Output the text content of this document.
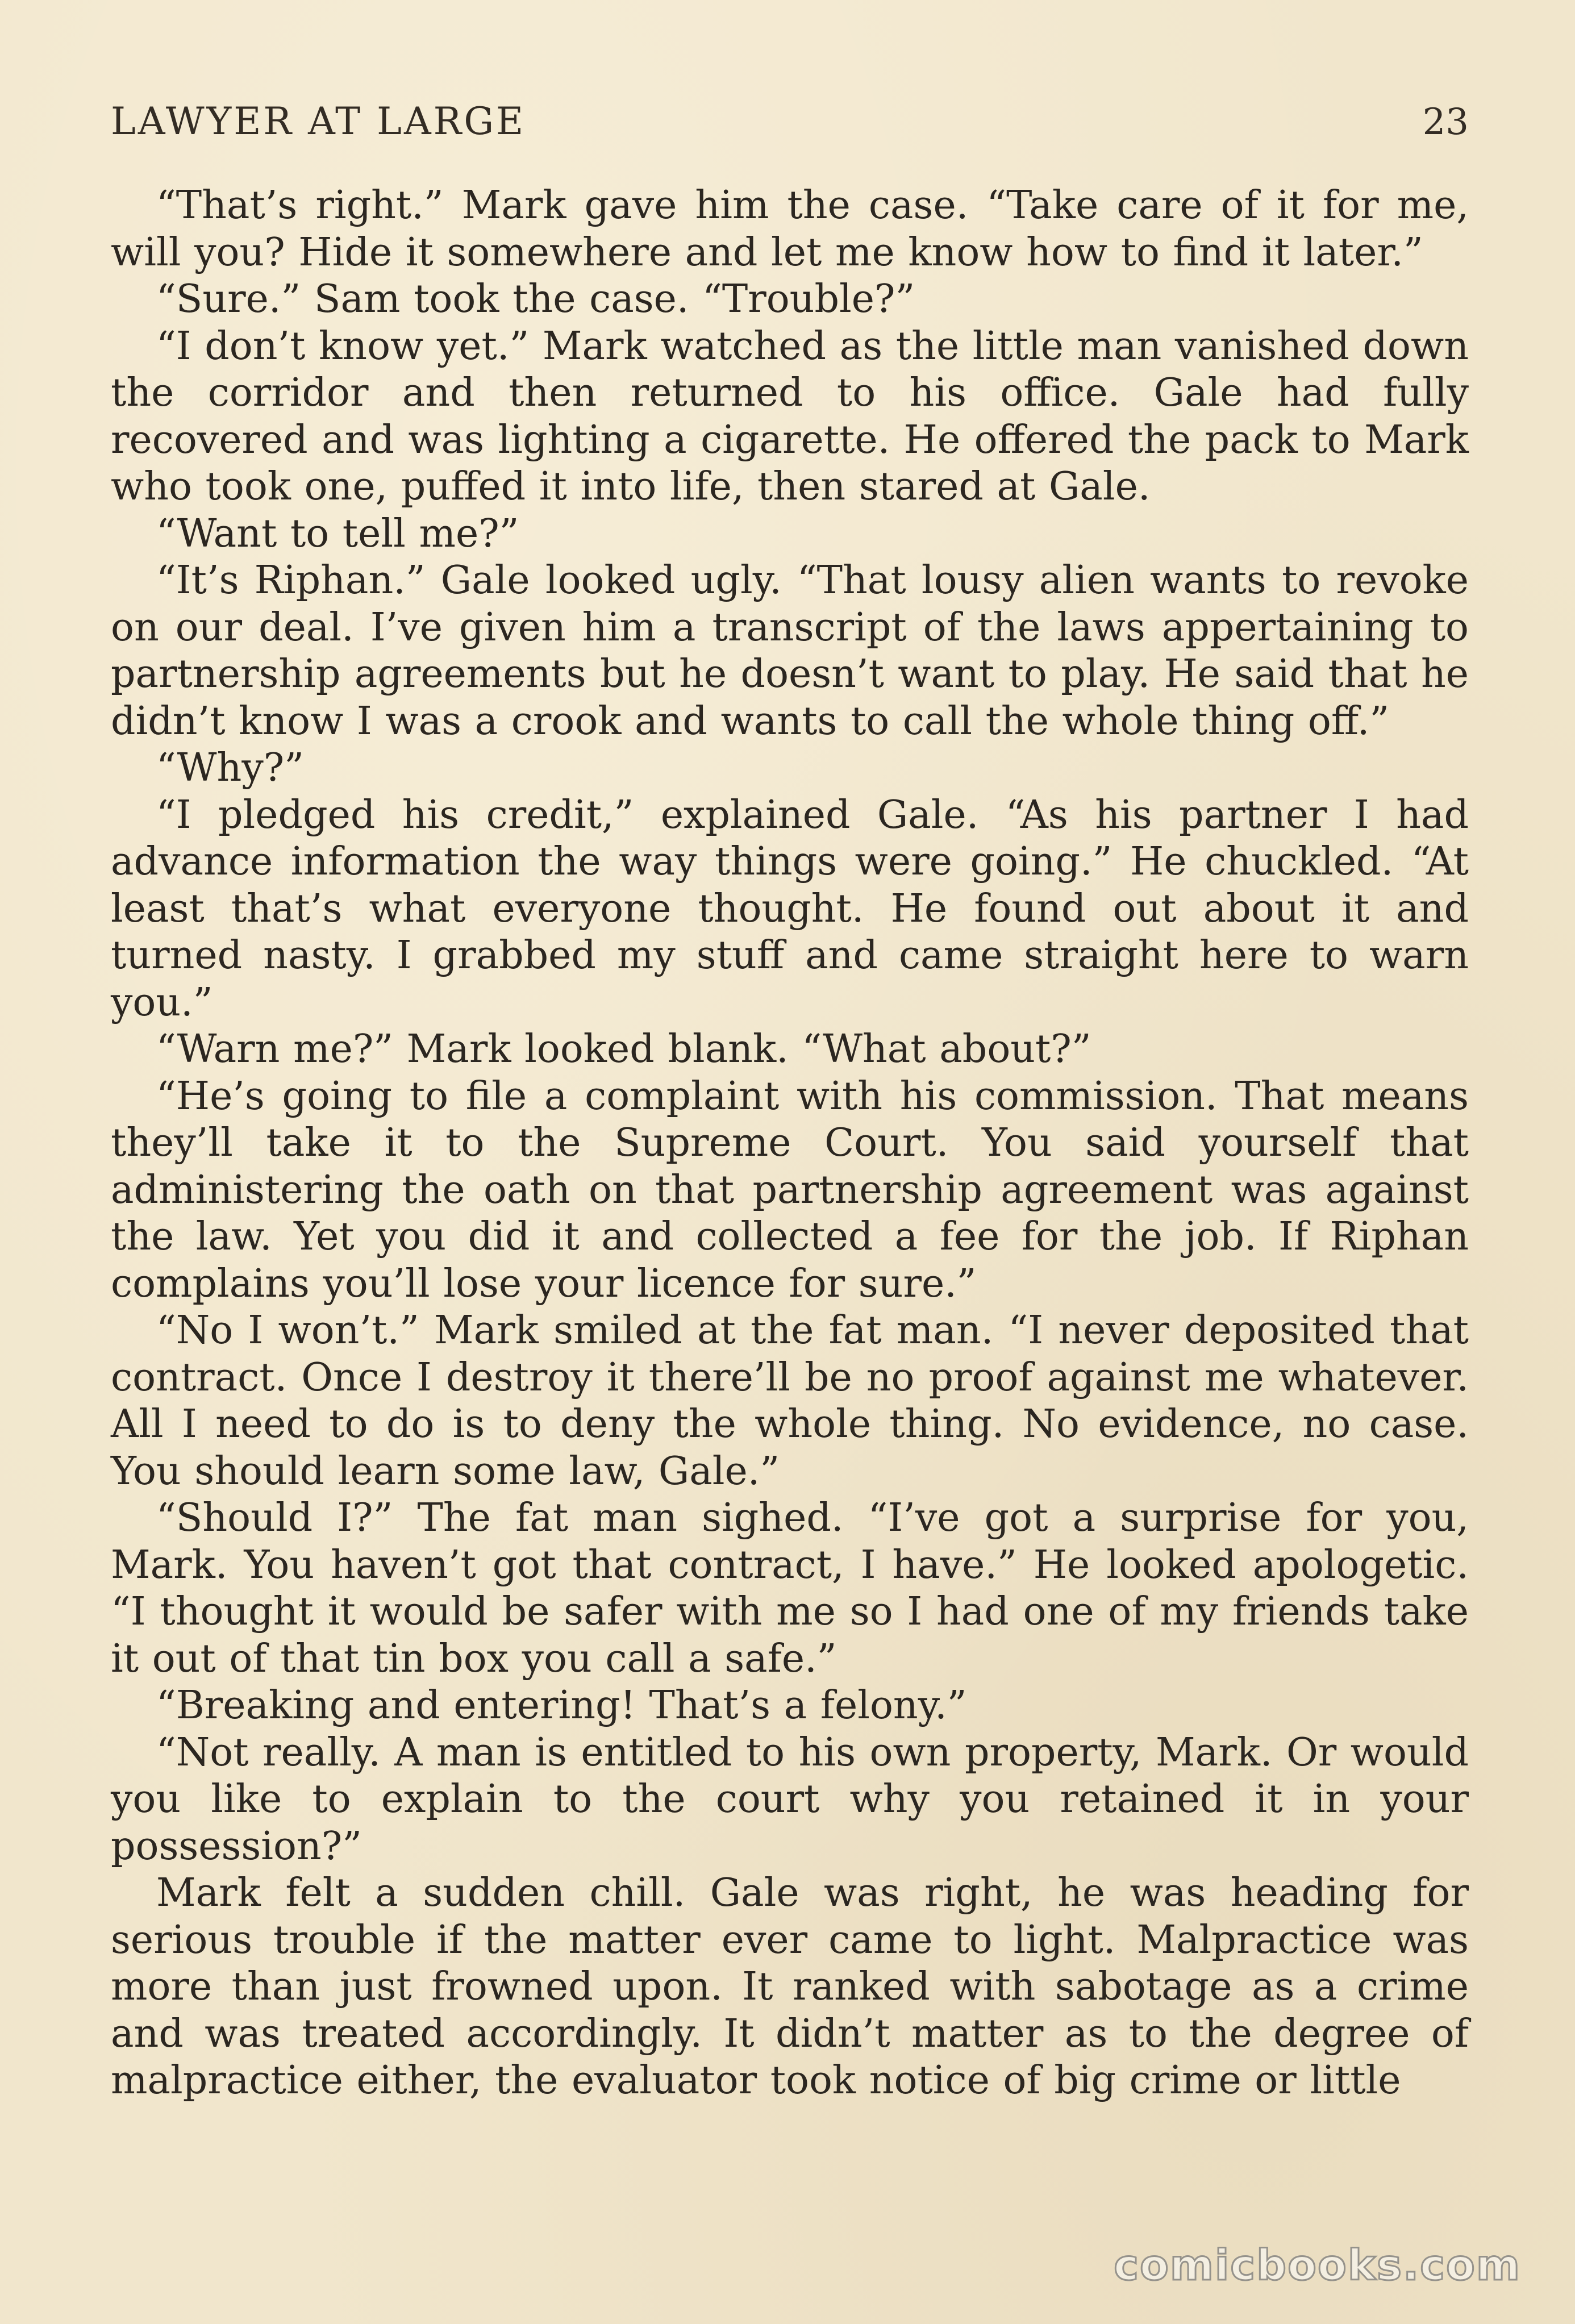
LAWYER AT LARGE	23

“That’s right.” Mark gave him the case. “Take care of it for me, will you? Hide it somewhere and let me know how to find it later.”

“Sure.” Sam took the case. “Trouble?”

“I don’t know yet.” Mark watched as the little man vanished down the corridor and then returned to his office. Gale had fully recovered and was lighting a cigarette. He offered the pack to Mark who took one, puffed it into life, then stared at Gale.

“Want to tell me?”

“It’s Riphan.” Gale looked ugly. “That lousy alien wants to revoke on our deal. I’ve given him a transcript of the laws appertaining to partnership agreements but he doesn’t want to play. He said that he didn’t know I was a crook and wants to call the whole thing off.”

“Why?”

“I pledged his credit,” explained Gale. “As his partner I had advance information the way things were going.” He chuckled. “At least that’s what everyone thought. He found out about it and turned nasty. I grabbed my stuff and came straight here to warn you.”

“Warn me?” Mark looked blank. “What about?”

“He’s going to file a complaint with his commission. That means they’ll take it to the Supreme Court. You said yourself that administering the oath on that partnership agreement was against the law. Yet you did it and collected a fee for the job. If Riphan complains you’ll lose your licence for sure.”

“No I won’t.” Mark smiled at the fat man. “I never deposited that contract. Once I destroy it there’ll be no proof against me whatever. All I need to do is to deny the whole thing. No evidence, no case. You should learn some law, Gale.”

“Should I?” The fat man sighed. “I’ve got a surprise for you, Mark. You haven’t got that contract, I have.” He looked apologetic. “I thought it would be safer with me so I had one of my friends take it out of that tin box you call a safe.”

“Breaking and entering! That’s a felony.”

“Not really. A man is entitled to his own property, Mark. Or would you like to explain to the court why you retained it in your possession?”

Mark felt a sudden chill. Gale was right, he was heading for serious trouble if the matter ever came to light. Malpractice was more than just frowned upon. It ranked with sabotage as a crime and was treated accordingly. It didn’t matter as to the degree of malpractice either, the evaluator took notice of big crime or little

comicbooks.com
